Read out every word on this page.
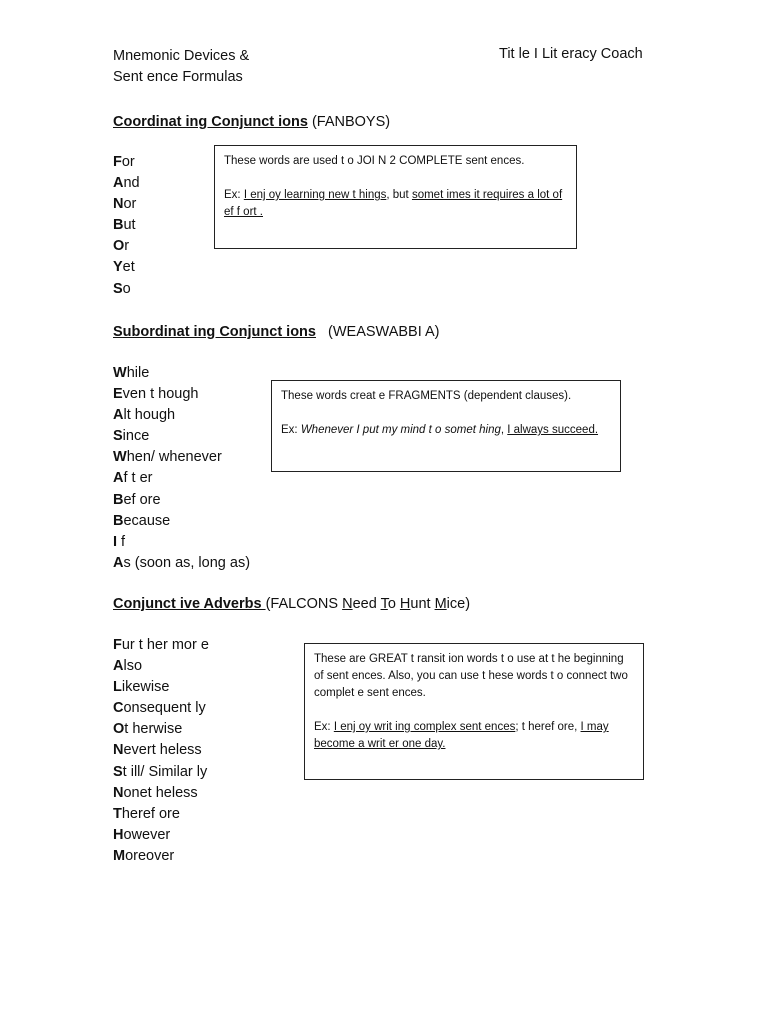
Mnemonic Devices &
Sent ence Formulas
Tit le I Lit eracy Coach
Coordinat ing Conjunct ions (FANBOYS)
For
And
Nor
But
Or
Yet
So

These words are used t o JOI N 2 COMPLETE sent ences.

Ex: I enj oy learning new t hings, but somet imes it requires a lot of ef f ort .

Subordinat ing Conjunct ions (WEASWABBI A)
While
Even t hough
Alt hough
Since
When/ whenever
Af t er
Bef ore
Because
I f
As (soon as, long as)

These words creat e FRAGMENTS (dependent clauses).

Ex: Whenever I put my mind t o somet hing, I always succeed.

Conjunct ive Adverbs (FALCONS Need To Hunt Mice)
Fur t her mor e
Also
Likewise
Consequent ly
Ot herwise
Nevert heless
St ill/ Similar ly
Nonet heless
Theref ore
However
Moreover

These are GREAT t ransit ion words t o use at t he beginning of sent ences. Also, you can use t hese words t o connect two complet e sent ences.

Ex: I enj oy writ ing complex sent ences; t heref ore, I may become a writ er one day.
